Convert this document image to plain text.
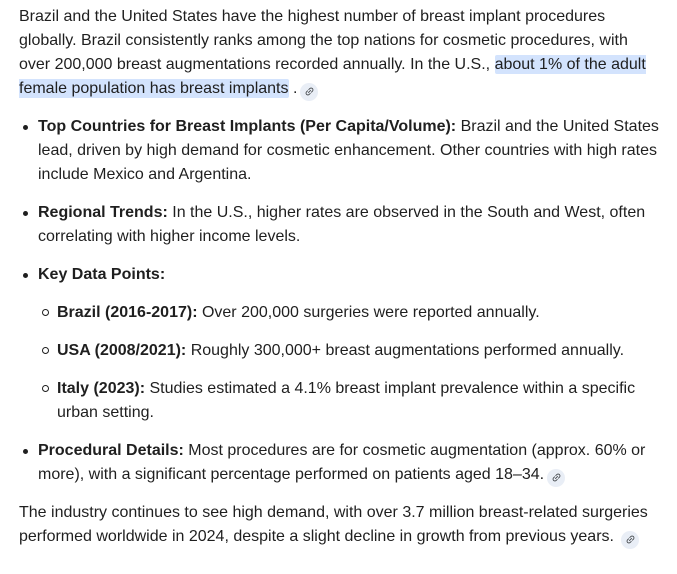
Brazil and the United States have the highest number of breast implant procedures globally. Brazil consistently ranks among the top nations for cosmetic procedures, with over 200,000 breast augmentations recorded annually. In the U.S., about 1% of the adult female population has breast implants .

Top Countries for Breast Implants (Per Capita/Volume): Brazil and the United States lead, driven by high demand for cosmetic enhancement. Other countries with high rates include Mexico and Argentina.
Regional Trends: In the U.S., higher rates are observed in the South and West, often correlating with higher income levels.
Key Data Points:
Brazil (2016-2017): Over 200,000 surgeries were reported annually.
USA (2008/2021): Roughly 300,000+ breast augmentations performed annually.
Italy (2023): Studies estimated a 4.1% breast implant prevalence within a specific urban setting.
Procedural Details: Most procedures are for cosmetic augmentation (approx. 60% or more), with a significant percentage performed on patients aged 18–34.

The industry continues to see high demand, with over 3.7 million breast-related surgeries performed worldwide in 2024, despite a slight decline in growth from previous years.
